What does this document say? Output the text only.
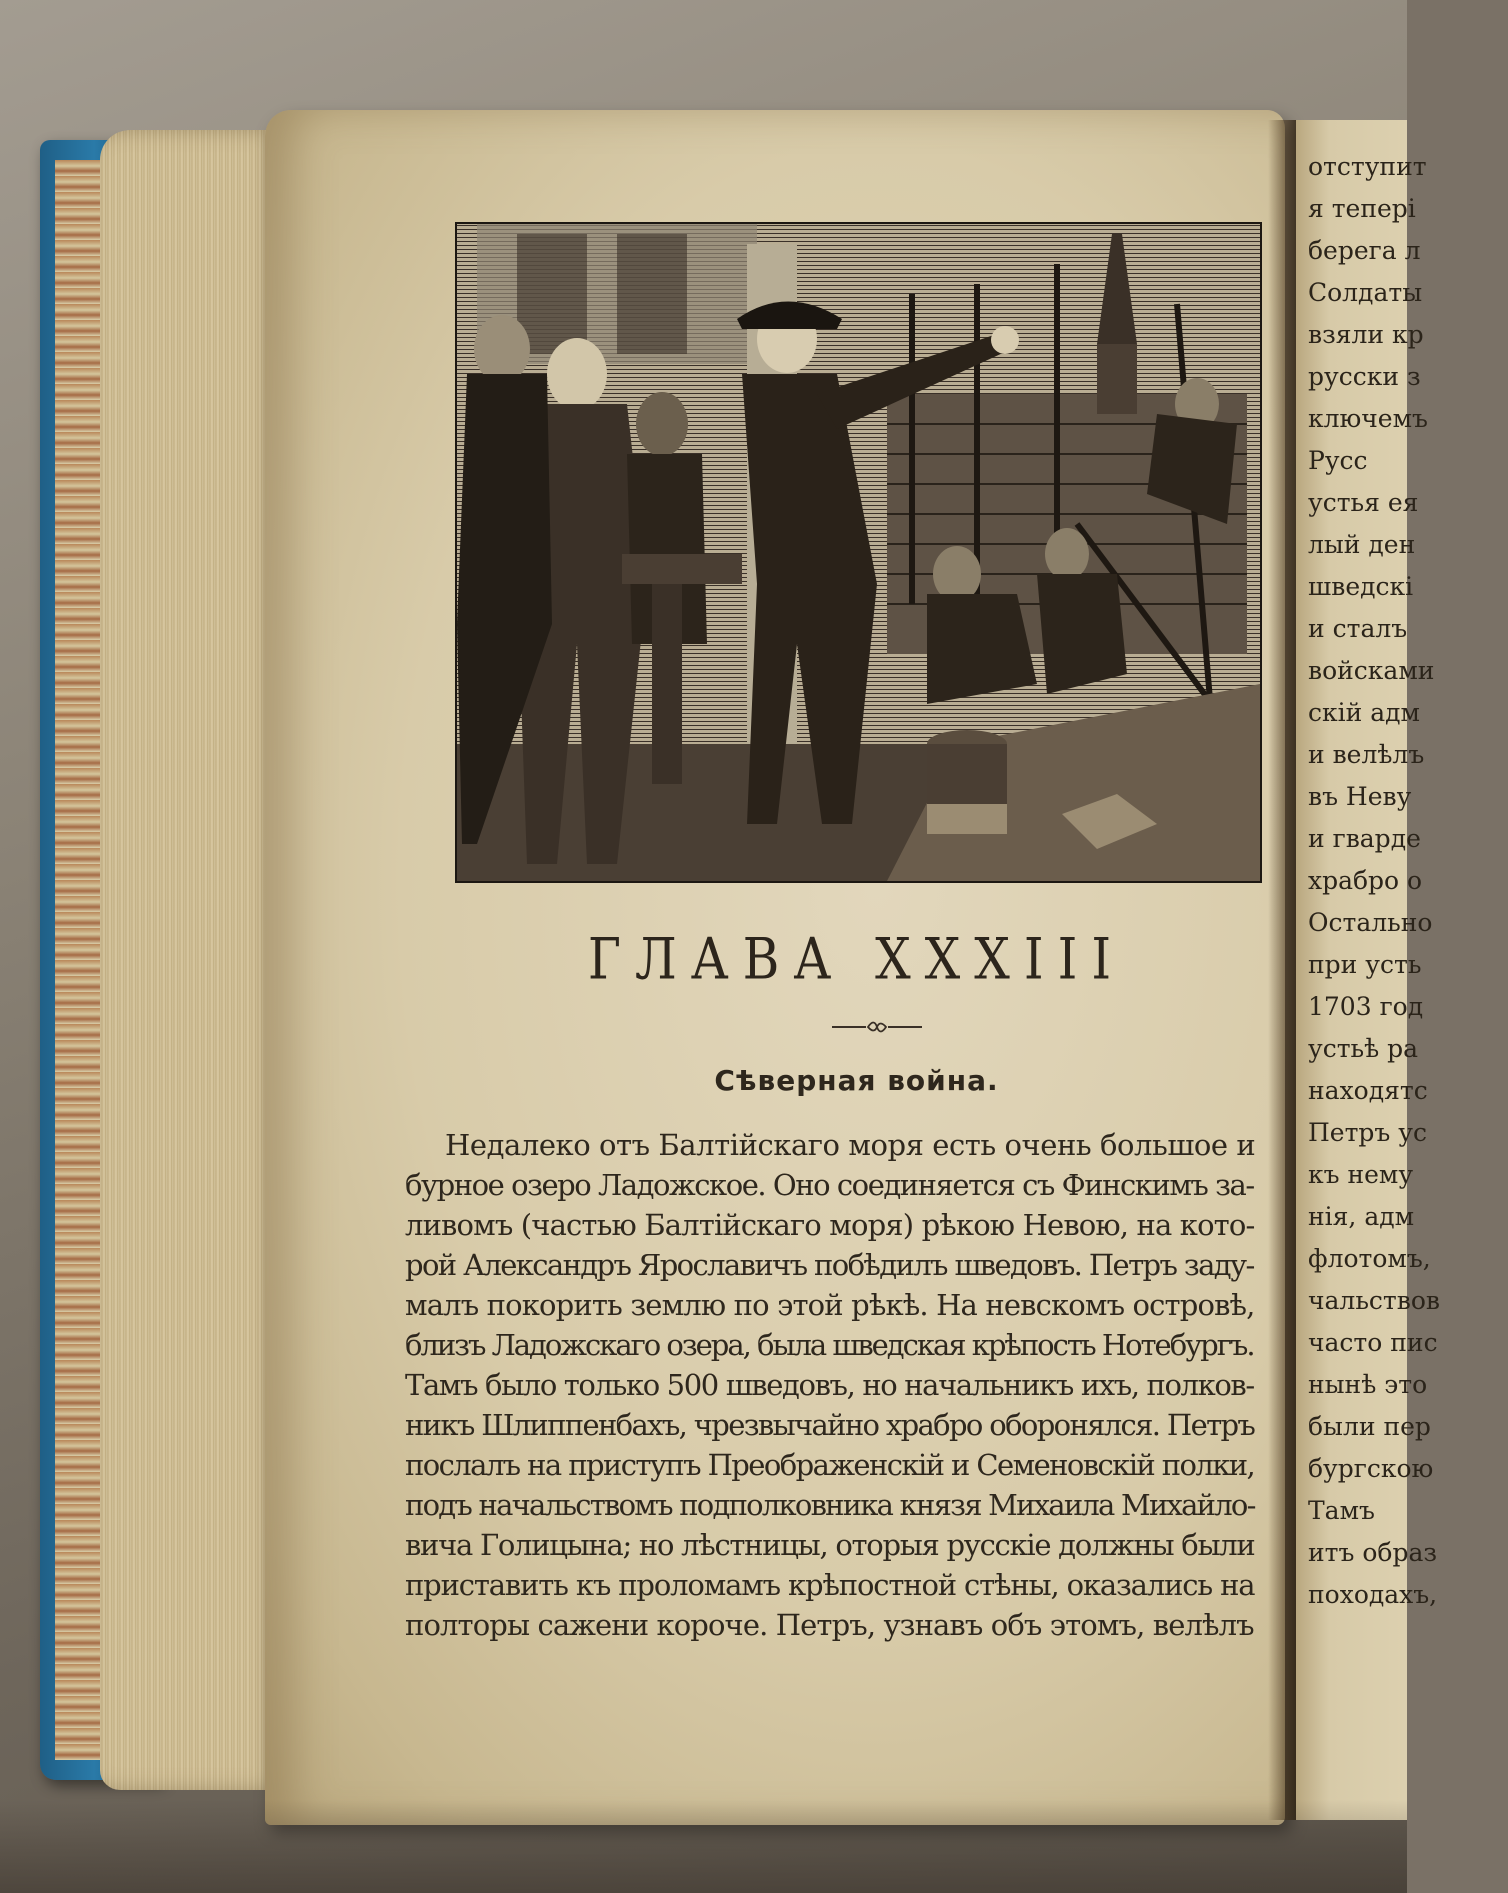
отступит
я тепері
берега л
Солдаты
взяли кр
русски з
ключемъ
Русс
устья ея
лый ден
шведскі
и сталъ
войсками
скій адм
и велѣлъ
въ Неву
и гварде
храбро о
Остально
при усть
1703 год
устьѣ ра
находятс
Петръ ус
къ нему
нія, адм
флотомъ,
чальствов
часто пис
нынѣ это
были пер
бургскою
Тамъ
итъ образ
походахъ,
ГЛАВА XXXIII
Сѣверная война.
Недалеко отъ Балтійскаго моря есть очень большое и
бурное озеро Ладожское. Оно соединяется съ Финскимъ за-
ливомъ (частью Балтійскаго моря) рѣкою Невою, на кото-
рой Александръ Ярославичъ побѣдилъ шведовъ. Петръ заду-
малъ покорить землю по этой рѣкѣ. На невскомъ островѣ,
близъ Ладожскаго озера, была шведская крѣпость Нотебургъ.
Тамъ было только 500 шведовъ, но начальникъ ихъ, полков-
никъ Шлиппенбахъ, чрезвычайно храбро оборонялся. Петръ
послалъ на приступъ Преображенскій и Семеновскій полки,
подъ начальствомъ подполковника князя Михаила Михайло-
вича Голицына; но лѣстницы, оторыя русскіе должны были
приставить къ проломамъ крѣпостной стѣны, оказались на
полторы сажени короче. Петръ, узнавъ объ этомъ, велѣлъ
